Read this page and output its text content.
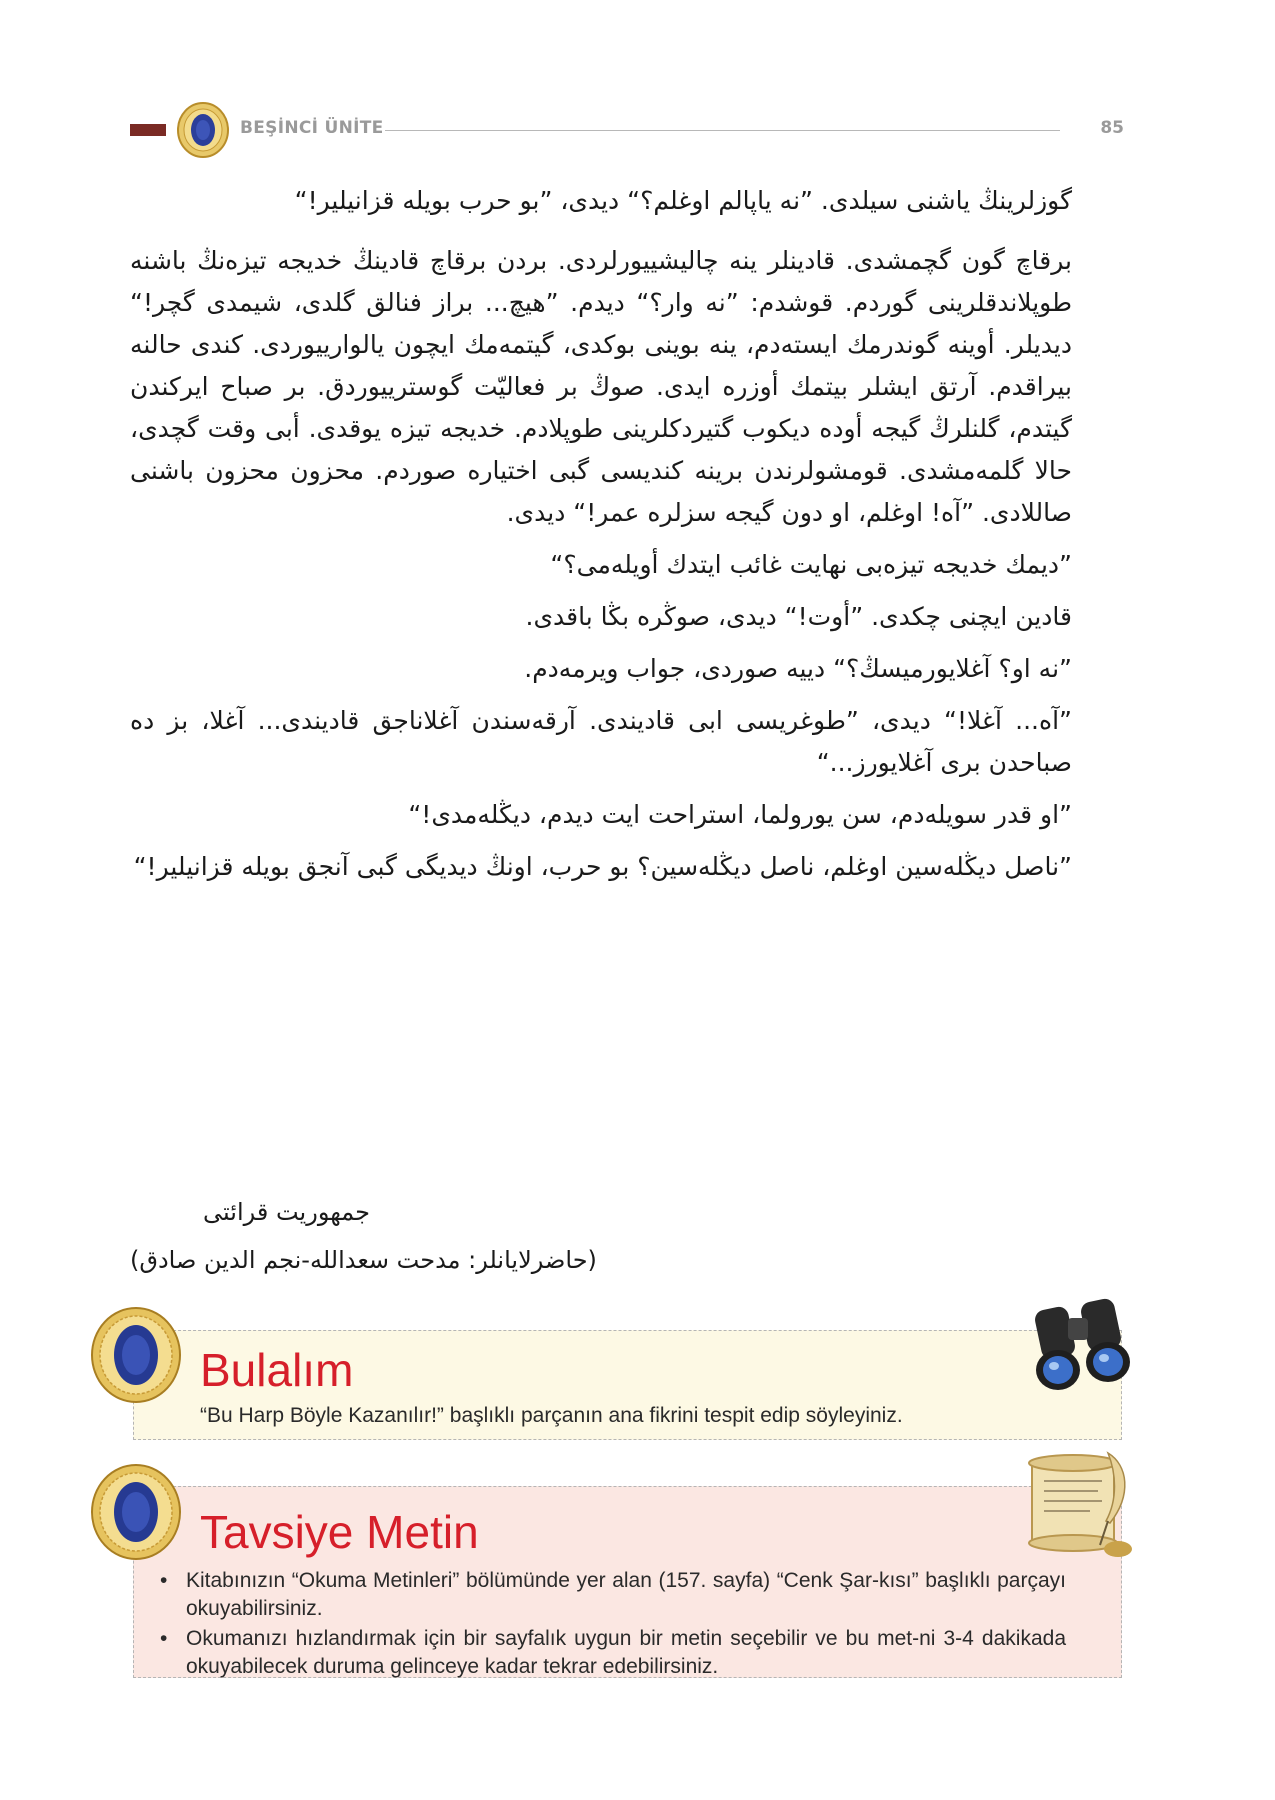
BEŞİNCİ ÜNİTE	85

گوزلرینڭ یاشنی سیلدی. ”نه یاپالم اوغلم؟“ دیدی، ”بو حرب بویله قزانیلیر!“

برقاچ گون گچمشدی. قادینلر ینه چالیشییورلردی. بردن برقاچ قادینڭ خدیجه تیزه‌نڭ باشنه طوپلاندقلرینی گوردم. قوشدم: ”نه وار؟“ دیدم. ”هیچ... براز فنالق گلدی، شیمدی گچر!“ دیدیلر. أوینه گوندرمك ایسته‌دم، ینه بوینی بوكدی، گیتمه‌مك ایچون یالوارییوردی. كندی حالنه بیراقدم. آرتق ایشلر بیتمك أوزره ایدی. صوڭ بر فعالیّت گوسترییوردق. بر صباح ایركندن گیتدم، گلنلرڭ گیجه أوده دیكوب گتیردكلرینی طوپلادم. خدیجه تیزه یوقدی. أبی وقت گچدی، حالا گلمه‌مشدی. قومشولرندن برینه كندیسی گبی اختیاره صوردم. محزون محزون باشنی صاللادی. ”آه! اوغلم، او دون گیجه سزلره عمر!“ دیدی.

”دیمك خدیجه تیزه‌بی نهایت غائب ایتدك أویله‌می؟“

قادین ایچنی چكدی. ”أوت!“ دیدی، صوڭره بڭا باقدی.

”نه او؟ آغلایورمیسڭ؟“ دییه صوردی، جواب ویرمه‌دم.

”آه... آغلا!“ دیدی، ”طوغریسی ابی قادیندی. آرقه‌سندن آغلاناجق قادیندی... آغلا، بز ده صباحدن بری آغلایورز...“

”او قدر سویله‌دم، سن یورولما، استراحت ایت دیدم، دیڭله‌مدی!“

”ناصل دیڭله‌سین اوغلم، ناصل دیڭله‌سین؟ بو حرب، اونڭ دیدیگی گبی آنجق بویله قزانیلیر!“

جمهوریت قرائتی
(حاضرلایانلر: مدحت سعدالله-نجم الدین صادق)
Bulalım
“Bu Harp Böyle Kazanılır!” başlıklı parçanın ana fikrini tespit edip söyleyiniz.
Tavsiye Metin
• Kitabınızın “Okuma Metinleri” bölümünde yer alan (157. sayfa) “Cenk Şar-kısı” başlıklı parçayı okuyabilirsiniz.
• Okumanızı hızlandırmak için bir sayfalık uygun bir metin seçebilir ve bu met-ni 3-4 dakikada okuyabilecek duruma gelinceye kadar tekrar edebilirsiniz.
